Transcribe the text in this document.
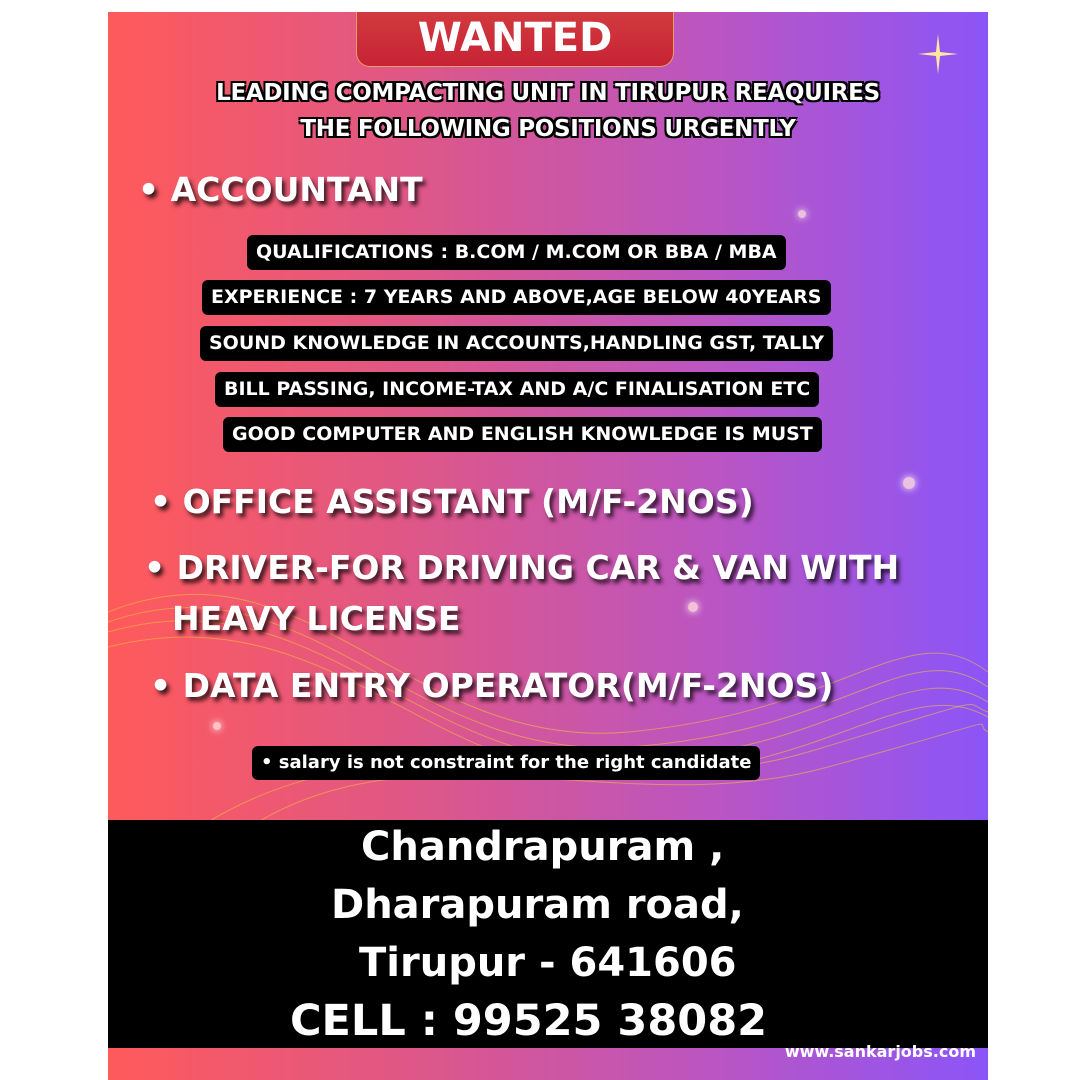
WANTED
LEADING COMPACTING UNIT IN TIRUPUR REAQUIRES
THE FOLLOWING POSITIONS URGENTLY
• ACCOUNTANT
QUALIFICATIONS : B.COM / M.COM OR BBA / MBA
EXPERIENCE : 7 YEARS AND ABOVE,AGE BELOW 40YEARS
SOUND KNOWLEDGE IN ACCOUNTS,HANDLING GST, TALLY
BILL PASSING, INCOME-TAX AND A/C FINALISATION ETC
GOOD COMPUTER AND ENGLISH KNOWLEDGE IS MUST
• OFFICE ASSISTANT (M/F-2NOS)
• DRIVER-FOR DRIVING CAR & VAN WITH
HEAVY LICENSE
• DATA ENTRY OPERATOR(M/F-2NOS)
• salary is not constraint for the right candidate
Chandrapuram ,
Dharapuram road,
Tirupur - 641606
CELL : 99525 38082
www.sankarjobs.com
